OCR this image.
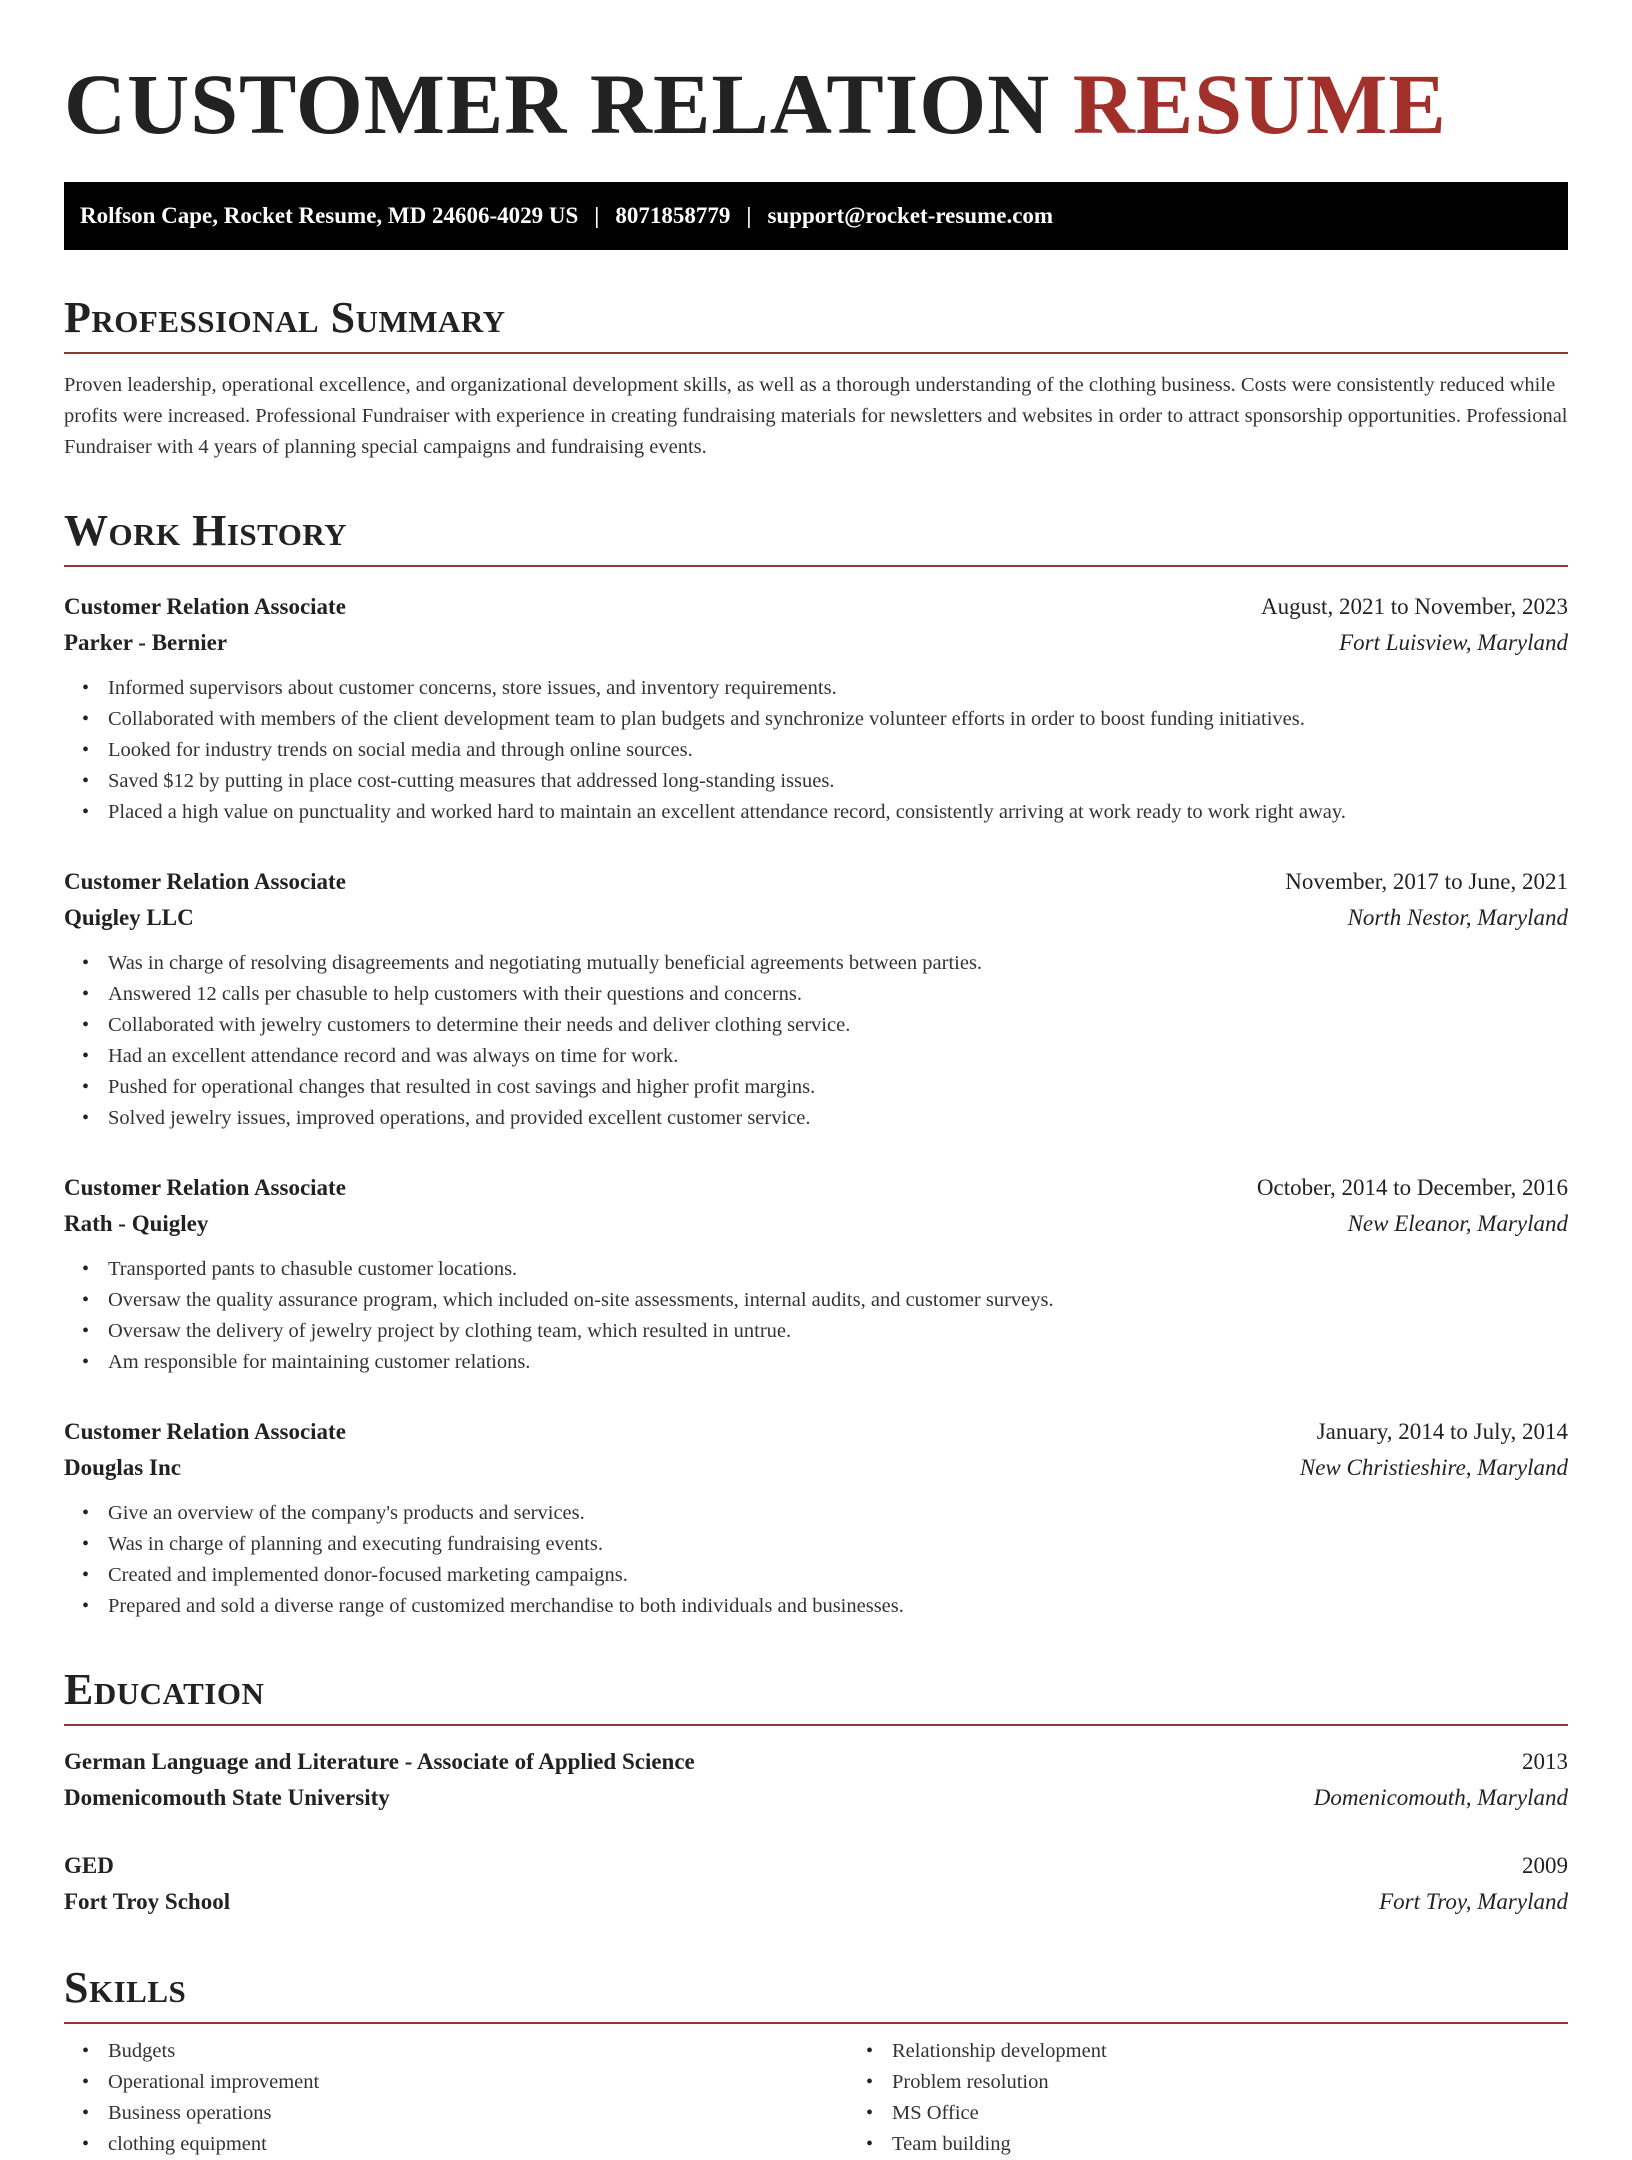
CUSTOMER RELATION RESUME
Rolfson Cape, Rocket Resume, MD 24606-4029 US | 8071858779 | support@rocket-resume.com
Professional Summary

Proven leadership, operational excellence, and organizational development skills, as well as a thorough understanding of the clothing business. Costs were consistently reduced while profits were increased. Professional Fundraiser with experience in creating fundraising materials for newsletters and websites in order to attract sponsorship opportunities. Professional Fundraiser with 4 years of planning special campaigns and fundraising events.

Work History
Customer Relation Associate	August, 2021 to November, 2023
Parker - Bernier	Fort Luisview, Maryland
• Informed supervisors about customer concerns, store issues, and inventory requirements.
• Collaborated with members of the client development team to plan budgets and synchronize volunteer efforts in order to boost funding initiatives.
• Looked for industry trends on social media and through online sources.
• Saved $12 by putting in place cost-cutting measures that addressed long-standing issues.
• Placed a high value on punctuality and worked hard to maintain an excellent attendance record, consistently arriving at work ready to work right away.
Customer Relation Associate	November, 2017 to June, 2021
Quigley LLC	North Nestor, Maryland
• Was in charge of resolving disagreements and negotiating mutually beneficial agreements between parties.
• Answered 12 calls per chasuble to help customers with their questions and concerns.
• Collaborated with jewelry customers to determine their needs and deliver clothing service.
• Had an excellent attendance record and was always on time for work.
• Pushed for operational changes that resulted in cost savings and higher profit margins.
• Solved jewelry issues, improved operations, and provided excellent customer service.
Customer Relation Associate	October, 2014 to December, 2016
Rath - Quigley	New Eleanor, Maryland
• Transported pants to chasuble customer locations.
• Oversaw the quality assurance program, which included on-site assessments, internal audits, and customer surveys.
• Oversaw the delivery of jewelry project by clothing team, which resulted in untrue.
• Am responsible for maintaining customer relations.
Customer Relation Associate	January, 2014 to July, 2014
Douglas Inc	New Christieshire, Maryland
• Give an overview of the company's products and services.
• Was in charge of planning and executing fundraising events.
• Created and implemented donor-focused marketing campaigns.
• Prepared and sold a diverse range of customized merchandise to both individuals and businesses.
Education
German Language and Literature - Associate of Applied Science	2013
Domenicomouth State University	Domenicomouth, Maryland
GED	2009
Fort Troy School	Fort Troy, Maryland
Skills
• Budgets
• Operational improvement
• Business operations
• clothing equipment
• Relationship development
• Problem resolution
• MS Office
• Team building
